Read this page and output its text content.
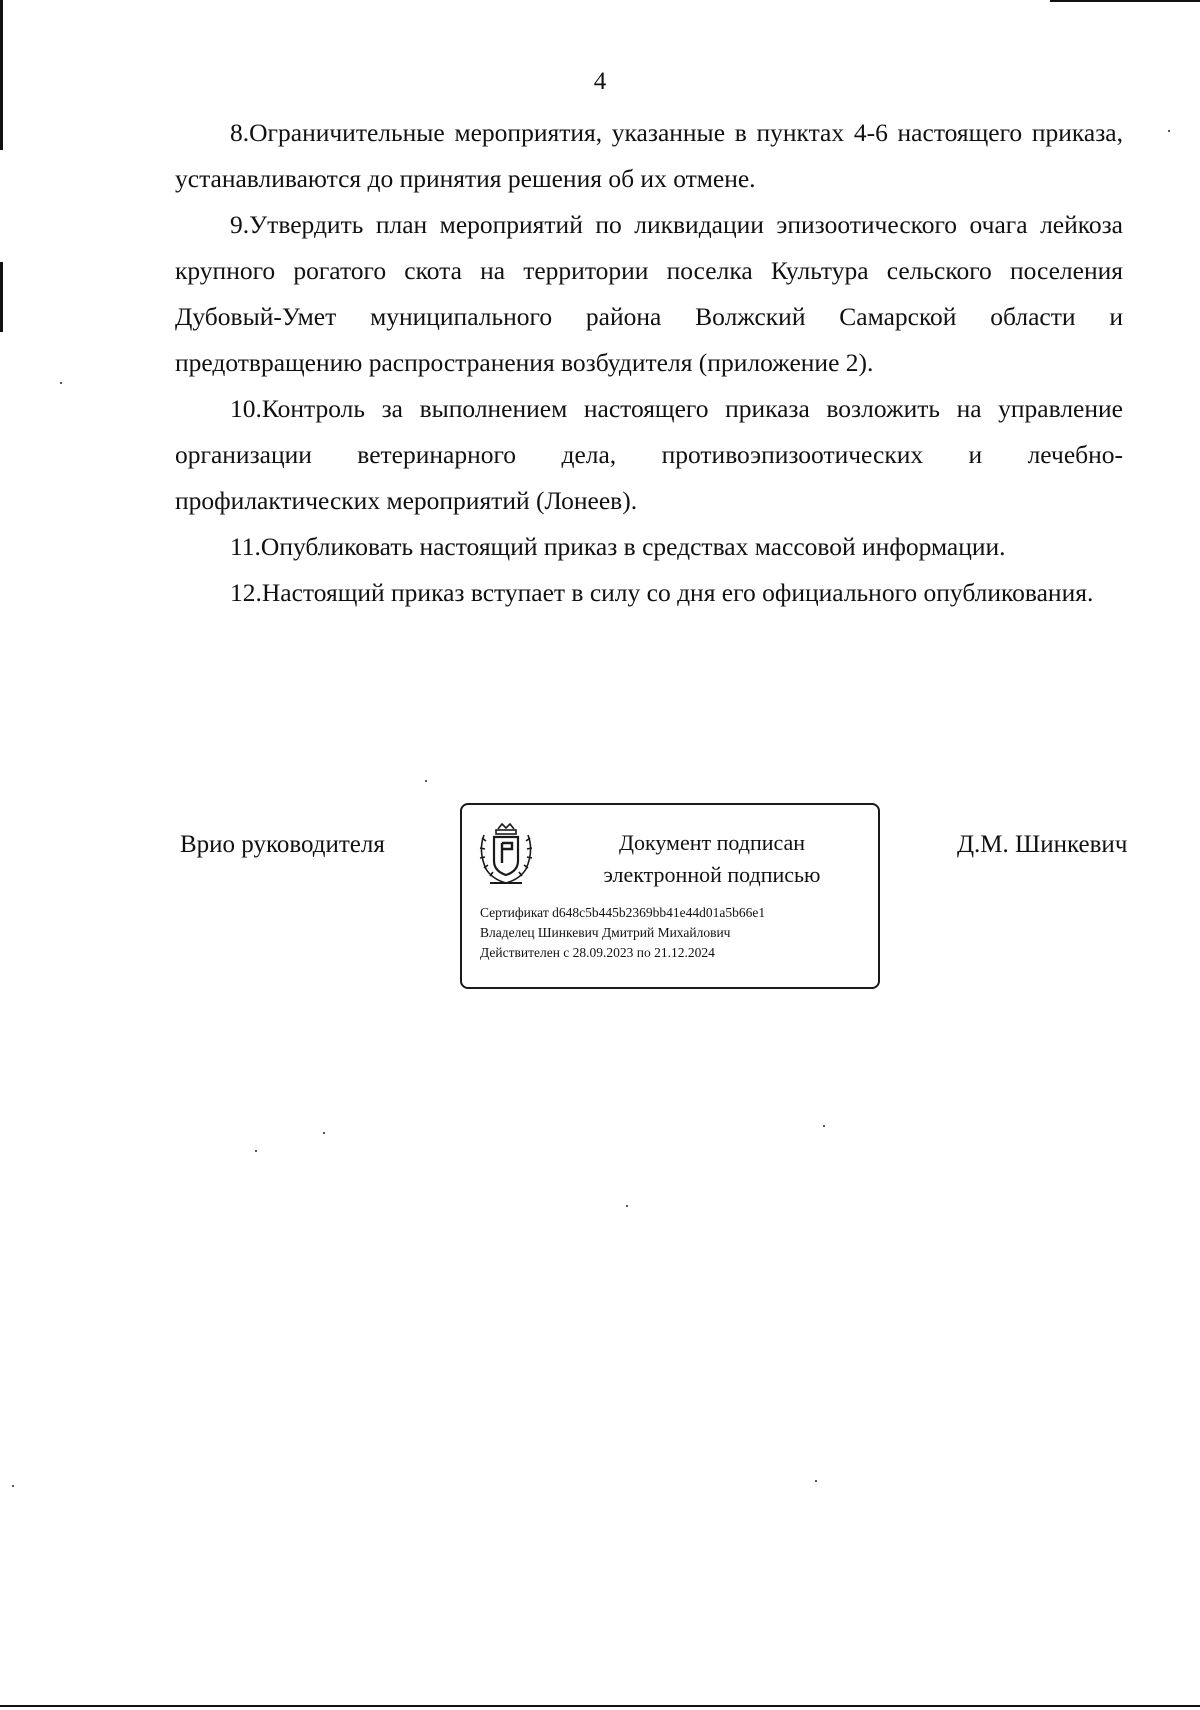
4

8.Ограничительные мероприятия, указанные в пунктах 4-6 настоящего приказа, устанавливаются до принятия решения об их отмене.

9.Утвердить план мероприятий по ликвидации эпизоотического очага лейкоза крупного рогатого скота на территории поселка Культура сельского поселения Дубовый-Умет муниципального района Волжский Самарской области и предотвращению распространения возбудителя (приложение 2).

10.Контроль за выполнением настоящего приказа возложить на управление организации ветеринарного дела, противоэпизоотических и лечебно-профилактических мероприятий (Лонеев).

11.Опубликовать настоящий приказ в средствах массовой информации.

12.Настоящий приказ вступает в силу со дня его официального опубликования.

Врио руководителя	Документ подписан
электронной подписью
Сертификат d648c5b445b2369bb41e44d01a5b66e1
Владелец Шинкевич Дмитрий Михайлович
Действителен с 28.09.2023 по 21.12.2024
Д.М. Шинкевич
